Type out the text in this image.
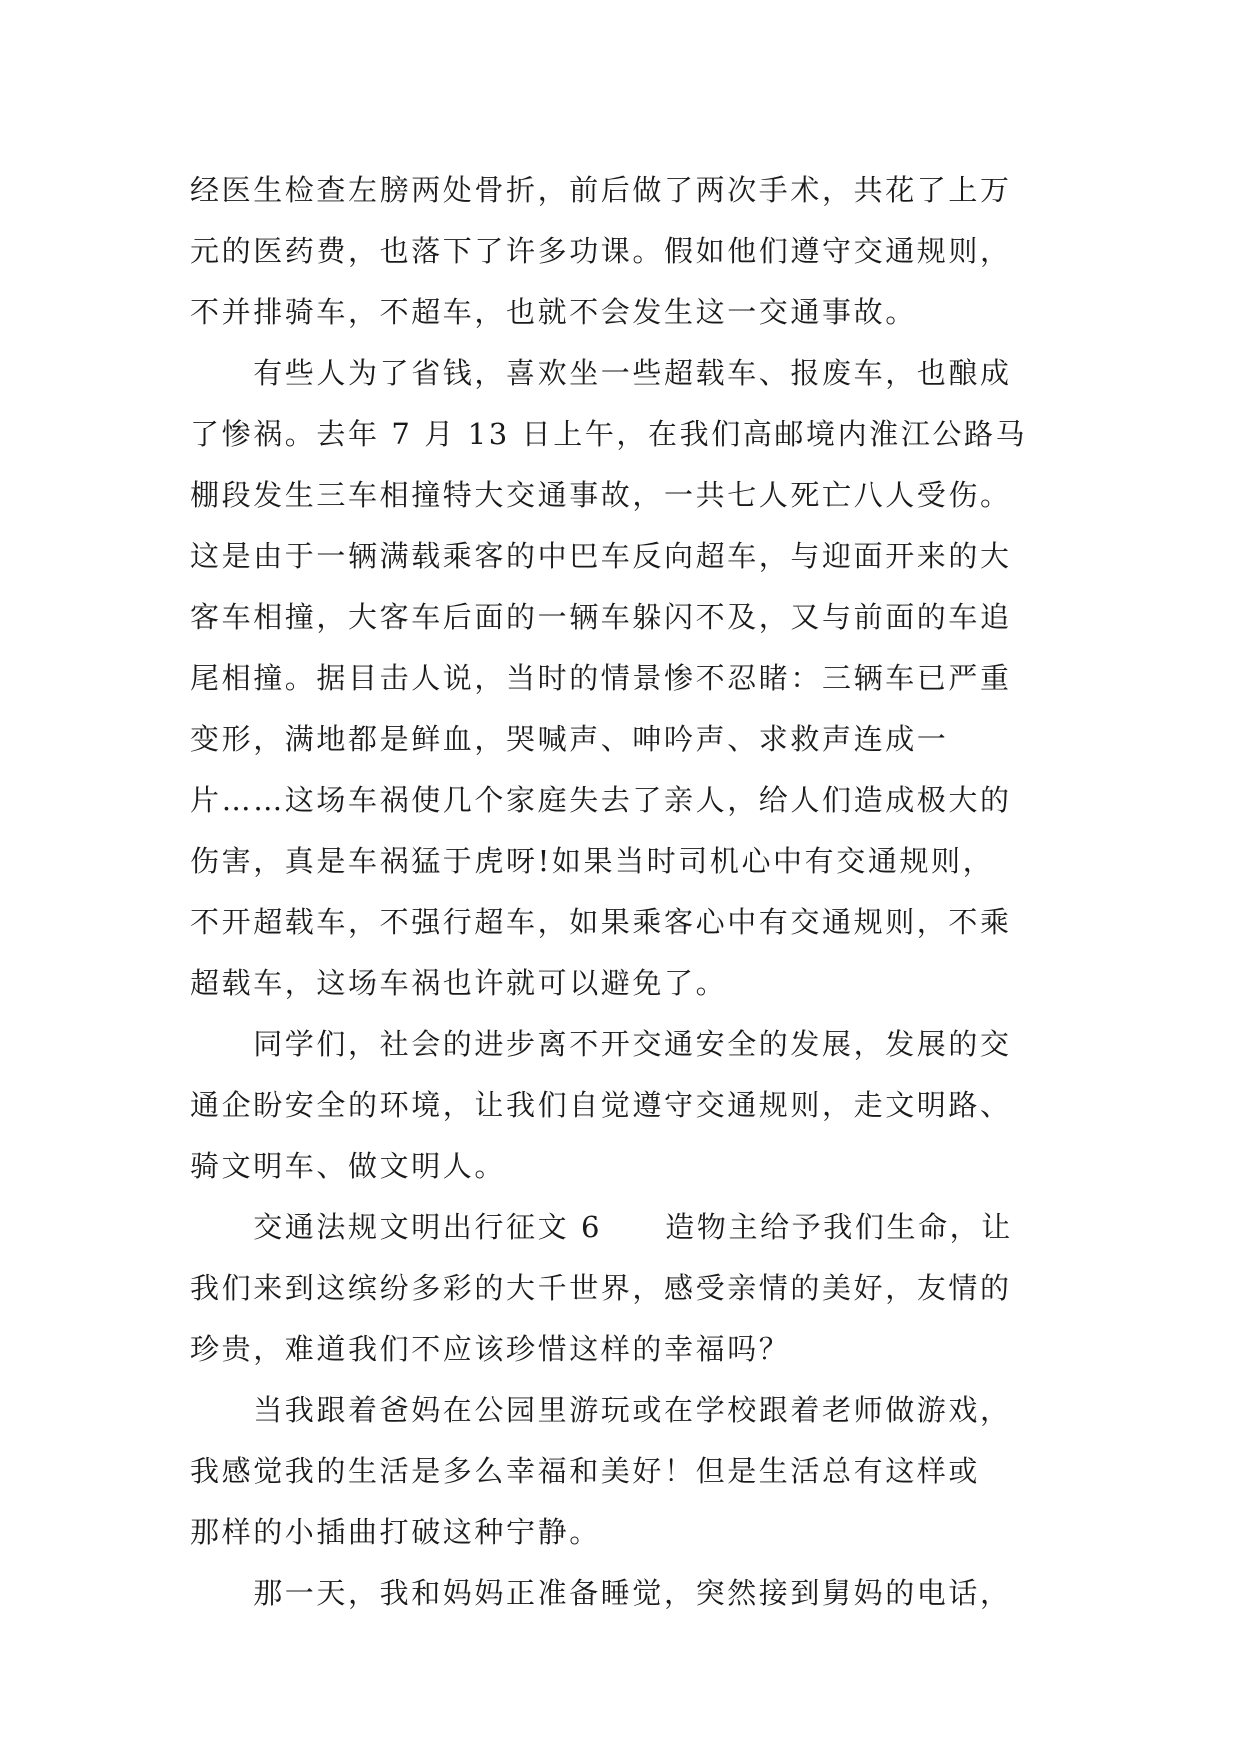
经医生检查左膀两处骨折，前后做了两次手术，共花了上万
元的医药费，也落下了许多功课。假如他们遵守交通规则，
不并排骑车，不超车，也就不会发生这一交通事故。
　　有些人为了省钱，喜欢坐一些超载车、报废车，也酿成
了惨祸。去年 7 月 13 日上午，在我们高邮境内淮江公路马
棚段发生三车相撞特大交通事故，一共七人死亡八人受伤。
这是由于一辆满载乘客的中巴车反向超车，与迎面开来的大
客车相撞，大客车后面的一辆车躲闪不及，又与前面的车追
尾相撞。据目击人说，当时的情景惨不忍睹：三辆车已严重
变形，满地都是鲜血，哭喊声、呻吟声、求救声连成一
片……这场车祸使几个家庭失去了亲人，给人们造成极大的
伤害，真是车祸猛于虎呀!如果当时司机心中有交通规则，
不开超载车，不强行超车，如果乘客心中有交通规则，不乘
超载车，这场车祸也许就可以避免了。
　　同学们，社会的进步离不开交通安全的发展，发展的交
通企盼安全的环境，让我们自觉遵守交通规则，走文明路、
骑文明车、做文明人。
　　交通法规文明出行征文 6　　造物主给予我们生命，让
我们来到这缤纷多彩的大千世界，感受亲情的美好，友情的
珍贵，难道我们不应该珍惜这样的幸福吗？
　　当我跟着爸妈在公园里游玩或在学校跟着老师做游戏，
我感觉我的生活是多么幸福和美好！但是生活总有这样或
那样的小插曲打破这种宁静。
　　那一天，我和妈妈正准备睡觉，突然接到舅妈的电话，
